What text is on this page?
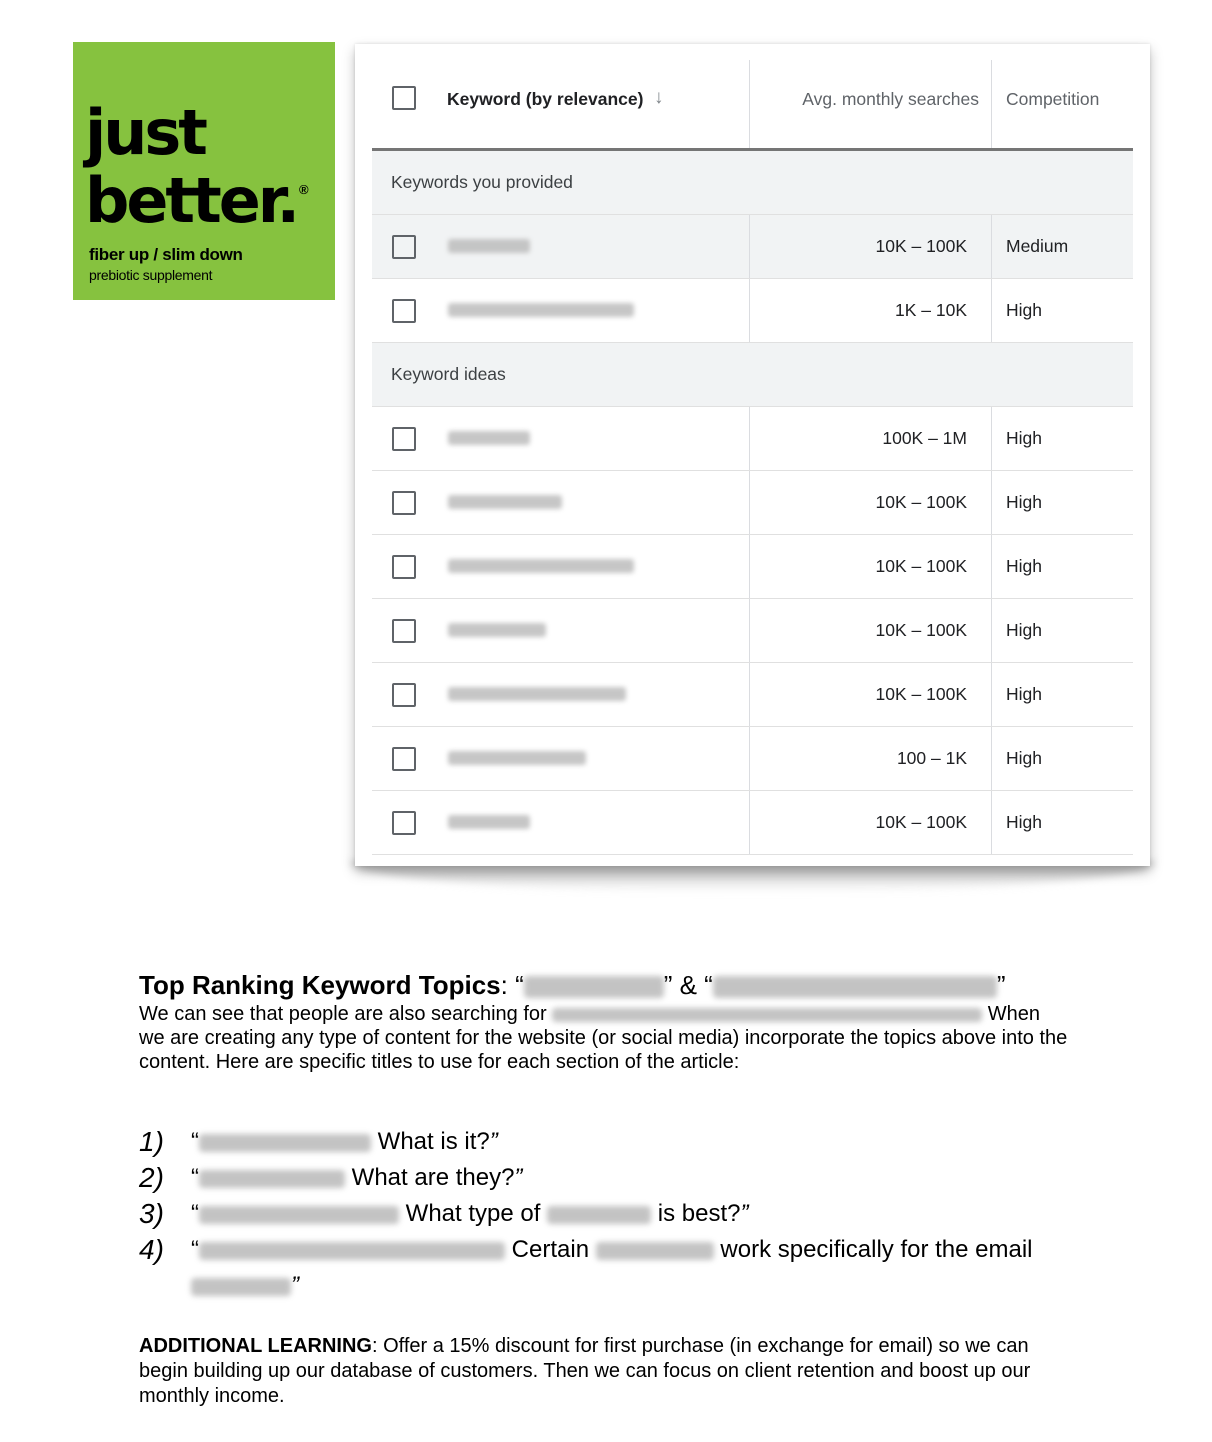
just
better. ®
fiber up / slim down
prebiotic supplement
Keyword (by relevance) ↓	Avg. monthly searches Competition
Keywords you provided
10K – 100K Medium
1K – 10K High
Keyword ideas
100K – 1M High
10K – 100K High
10K – 100K High
10K – 100K High
10K – 100K High
100 – 1K High
10K – 100K High
Top Ranking Keyword Topics: “	” & “	”
We can see that people are also searching for	When we are creating any type of content for the website (or social media) incorporate the topics above into the content. Here are specific titles to use for each section of the article:
1) “	What is it?”
2) “	What are they?”
3) “	What type of	is best?”
4) “	Certain	work specifically for the email ”
ADDITIONAL LEARNING: Offer a 15% discount for first purchase (in exchange for email) so we can begin building up our database of customers. Then we can focus on client retention and boost up our monthly income.
